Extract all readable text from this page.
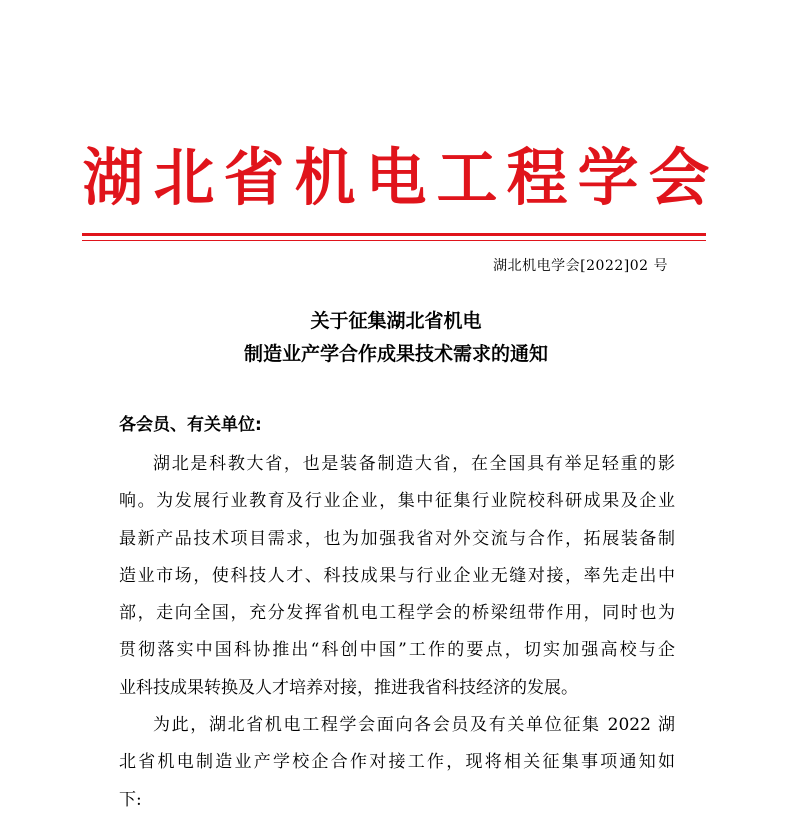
湖 北 省 机 电 工 程 学 会
湖北机电学会[2022]02 号
关于征集湖北省机电
制造业产学合作成果技术需求的通知
各会员、有关单位:
湖北是科教大省，也是装备制造大省，在全国具有举足轻重的影
响。为发展行业教育及行业企业，集中征集行业院校科研成果及企业
最新产品技术项目需求，也为加强我省对外交流与合作，拓展装备制
造业市场，使科技人才、科技成果与行业企业无缝对接，率先走出中
部，走向全国，充分发挥省机电工程学会的桥梁纽带作用，同时也为
贯彻落实中国科协推出“科创中国”工作的要点，切实加强高校与企
业科技成果转换及人才培养对接，推进我省科技经济的发展。
为此，湖北省机电工程学会面向各会员及有关单位征集 2022 湖
北省机电制造业产学校企合作对接工作，现将相关征集事项通知如
下:
